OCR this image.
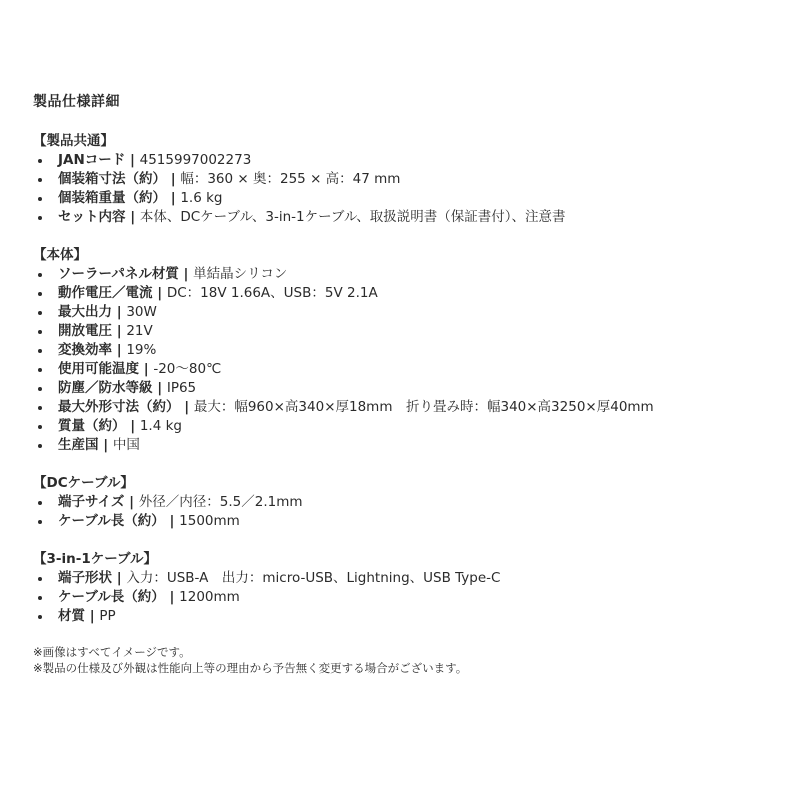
製品仕様詳細
【製品共通】
JANコード | 4515997002273
個装箱寸法（約） | 幅：360 × 奥：255 × 高：47 mm
個装箱重量（約） | 1.6 kg
セット内容 | 本体、DCケーブル、3-in-1ケーブル、取扱説明書（保証書付）、注意書
【本体】
ソーラーパネル材質 | 単結晶シリコン
動作電圧／電流 | DC：18V 1.66A、USB：5V 2.1A
最大出力 | 30W
開放電圧 | 21V
変換効率 | 19%
使用可能温度 | -20～80℃
防塵／防水等級 | IP65
最大外形寸法（約） | 最大：幅960×高340×厚18mm　折り畳み時：幅340×高3250×厚40mm
質量（約） | 1.4 kg
生産国 | 中国
【DCケーブル】
端子サイズ | 外径／内径：5.5／2.1mm
ケーブル長（約） | 1500mm
【3-in-1ケーブル】
端子形状 | 入力：USB-A　出力：micro-USB、Lightning、USB Type-C
ケーブル長（約） | 1200mm
材質 | PP
※画像はすべてイメージです。
※製品の仕様及び外観は性能向上等の理由から予告無く変更する場合がございます。
